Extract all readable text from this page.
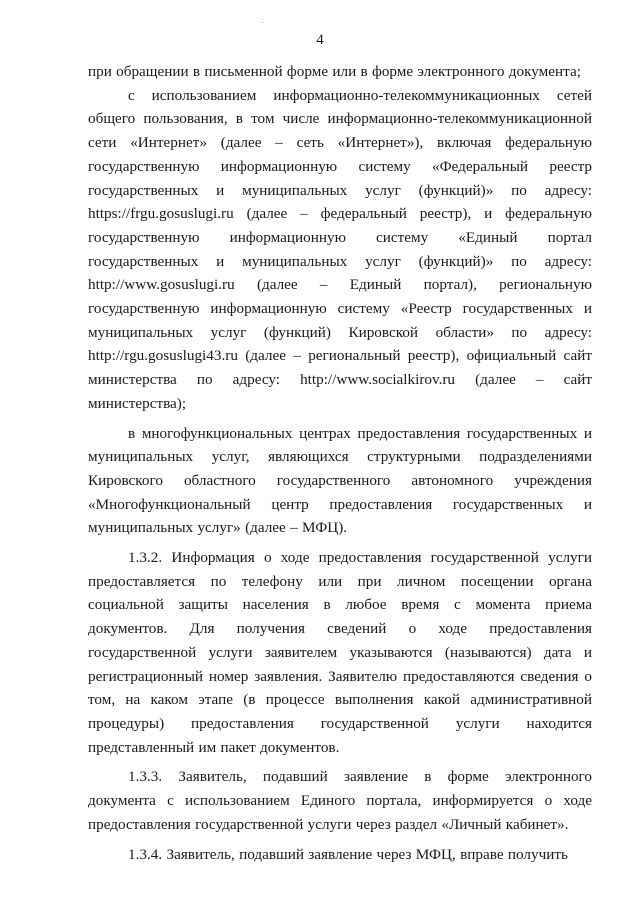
4

при обращении в письменной форме или в форме электронного документа;

с использованием информационно-телекоммуникационных сетей общего пользования, в том числе информационно-телекоммуникационной сети «Интернет» (далее – сеть «Интернет»), включая федеральную государственную информационную систему «Федеральный реестр государственных и муниципальных услуг (функций)» по адресу: https://frgu.gosuslugi.ru (далее – федеральный реестр), и федеральную государственную информационную систему «Единый портал государственных и муниципальных услуг (функций)» по адресу: http://www.gosuslugi.ru (далее – Единый портал), региональную государственную информационную систему «Реестр государственных и муниципальных услуг (функций) Кировской области» по адресу: http://rgu.gosuslugi43.ru (далее – региональный реестр), официальный сайт министерства по адресу: http://www.socialkirov.ru (далее – сайт министерства);

в многофункциональных центрах предоставления государственных и муниципальных услуг, являющихся структурными подразделениями Кировского областного государственного автономного учреждения «Многофункциональный центр предоставления государственных и муниципальных услуг» (далее – МФЦ).

1.3.2. Информация о ходе предоставления государственной услуги предоставляется по телефону или при личном посещении органа социальной защиты населения в любое время с момента приема документов. Для получения сведений о ходе предоставления государственной услуги заявителем указываются (называются) дата и регистрационный номер заявления. Заявителю предоставляются сведения о том, на каком этапе (в процессе выполнения какой административной процедуры) предоставления государственной услуги находится представленный им пакет документов.

1.3.3. Заявитель, подавший заявление в форме электронного документа с использованием Единого портала, информируется о ходе предоставления государственной услуги через раздел «Личный кабинет».

1.3.4. Заявитель, подавший заявление через МФЦ, вправе получить
